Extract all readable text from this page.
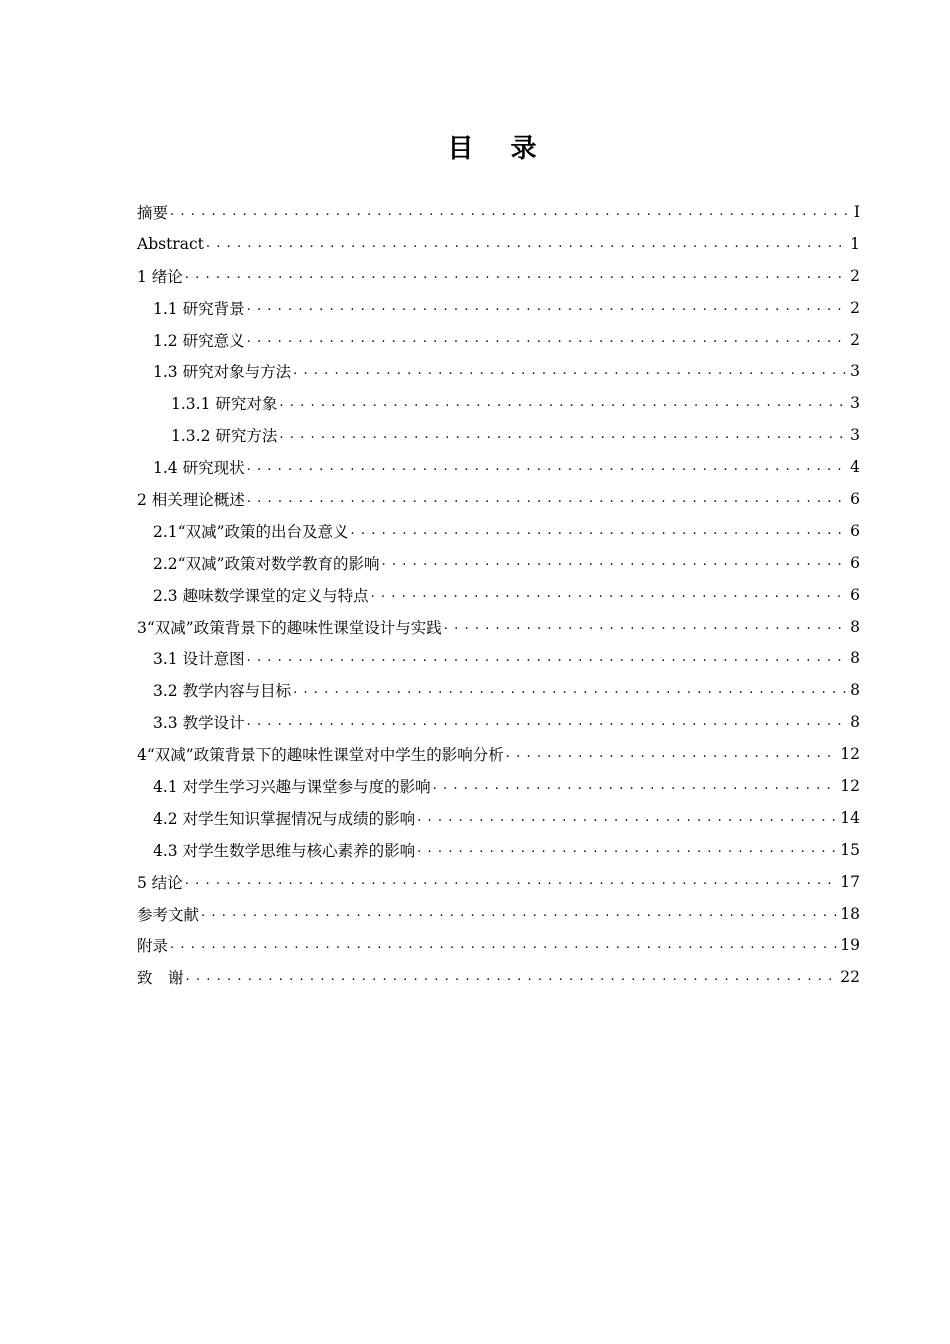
目 录
摘要 . . .	I
Abstract . . .	1
1 绪论 . . .	2
1.1 研究背景 . . .	2
1.2 研究意义 . . .	2
1.3 研究对象与方法 . . .	3
1.3.1 研究对象 . . .	3
1.3.2 研究方法 . . .	3
1.4 研究现状 . . .	4
2 相关理论概述 . . .	6
2.1“双减”政策的出台及意义 . . .	6
2.2“双减”政策对数学教育的影响 . . .	6
2.3 趣味数学课堂的定义与特点 . . .	6
3“双减”政策背景下的趣味性课堂设计与实践 . . .	8
3.1 设计意图 . . .	8
3.2 教学内容与目标 . . .	8
3.3 教学设计 . . .	8
4“双减”政策背景下的趣味性课堂对中学生的影响分析 . . .	12
4.1 对学生学习兴趣与课堂参与度的影响 . . .	12
4.2 对学生知识掌握情况与成绩的影响 . . .	14
4.3 对学生数学思维与核心素养的影响 . . .	15
5 结论 . . .	17
参考文献 . . .	18
附录 . . .	19
致　谢 . . .	22
